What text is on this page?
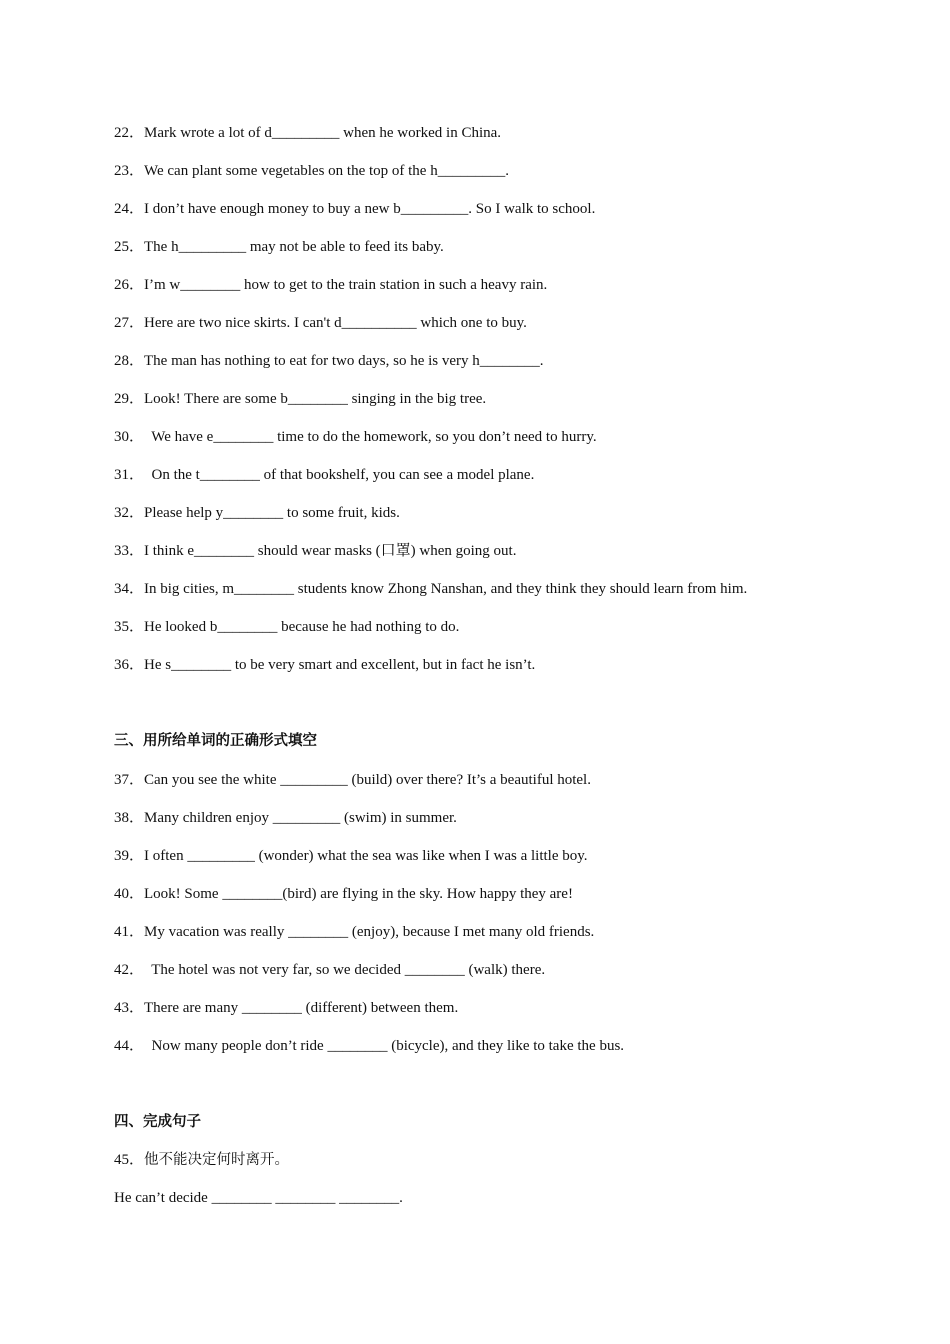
22．Mark wrote a lot of d_________ when he worked in China.
23．We can plant some vegetables on the top of the h_________.
24．I don’t have enough money to buy a new b_________. So I walk to school.
25．The h_________ may not be able to feed its baby.
26．I’m w________ how to get to the train station in such a heavy rain.
27．Here are two nice skirts. I can't d__________ which one to buy.
28．The man has nothing to eat for two days, so he is very h________.
29．Look! There are some b________ singing in the big tree.
30．  We have e________ time to do the homework, so you don’t need to hurry.
31．  On the t________ of that bookshelf, you can see a model plane.
32．Please help y________ to some fruit, kids.
33．I think e________ should wear masks (口罩) when going out.
34．In big cities, m________ students know Zhong Nanshan, and they think they should learn from him.
35．He looked b________ because he had nothing to do.
36．He s________ to be very smart and excellent, but in fact he isn’t.
三、用所给单词的正确形式填空
37．Can you see the white _________ (build) over there? It’s a beautiful hotel.
38．Many children enjoy _________ (swim) in summer.
39．I often _________ (wonder) what the sea was like when I was a little boy.
40．Look! Some ________(bird) are flying in the sky. How happy they are!
41．My vacation was really ________ (enjoy), because I met many old friends.
42．  The hotel was not very far, so we decided ________ (walk) there.
43．There are many ________ (different) between them.
44．  Now many people don’t ride ________ (bicycle), and they like to take the bus.
四、完成句子
45．他不能决定何时离开。
He can’t decide ________ ________ ________.
